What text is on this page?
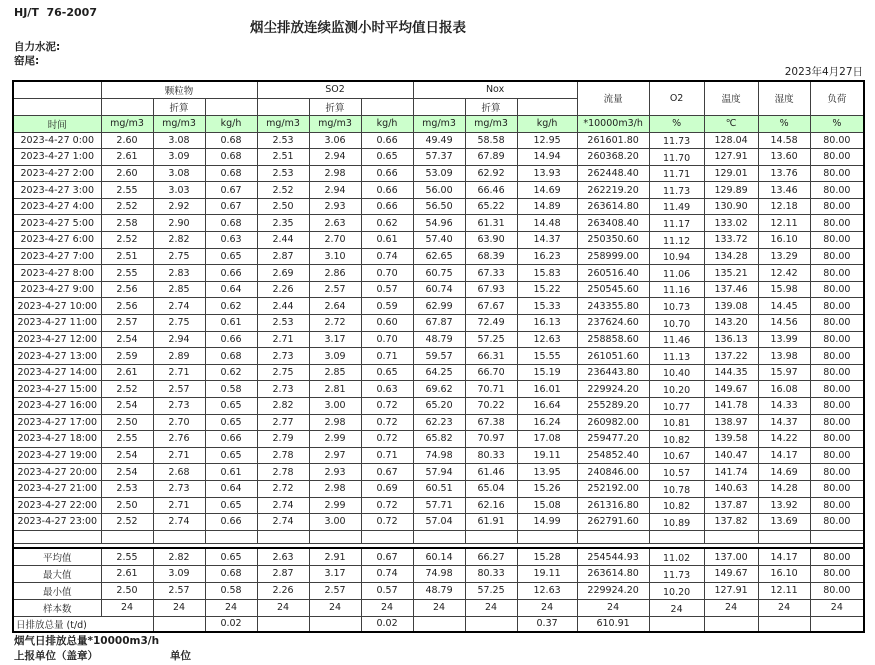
HJ/T  76-2007
烟尘排放连续监测小时平均值日报表
自力水泥:
窑尾:
2023年4月27日
	颗粒物			SO2			Nox			流量	O2	温度	湿度	负荷
		折算			折算			折算						
时间	mg/m3	mg/m3	kg/h	mg/m3	mg/m3	kg/h	mg/m3	mg/m3	kg/h	*10000m3/h	%	℃	%	%
2023-4-27 0:00	2.60	3.08	0.68	2.53	3.06	0.66	49.49	58.58	12.95	261601.80	11.73	128.04	14.58	80.00
2023-4-27 1:00	2.61	3.09	0.68	2.51	2.94	0.65	57.37	67.89	14.94	260368.20	11.70	127.91	13.60	80.00
2023-4-27 2:00	2.60	3.08	0.68	2.53	2.98	0.66	53.09	62.92	13.93	262448.40	11.71	129.01	13.76	80.00
2023-4-27 3:00	2.55	3.03	0.67	2.52	2.94	0.66	56.00	66.46	14.69	262219.20	11.73	129.89	13.46	80.00
2023-4-27 4:00	2.52	2.92	0.67	2.50	2.93	0.66	56.50	65.22	14.89	263614.80	11.49	130.90	12.18	80.00
2023-4-27 5:00	2.58	2.90	0.68	2.35	2.63	0.62	54.96	61.31	14.48	263408.40	11.17	133.02	12.11	80.00
2023-4-27 6:00	2.52	2.82	0.63	2.44	2.70	0.61	57.40	63.90	14.37	250350.60	11.12	133.72	16.10	80.00
2023-4-27 7:00	2.51	2.75	0.65	2.87	3.10	0.74	62.65	68.39	16.23	258999.00	10.94	134.28	13.29	80.00
2023-4-27 8:00	2.55	2.83	0.66	2.69	2.86	0.70	60.75	67.33	15.83	260516.40	11.06	135.21	12.42	80.00
2023-4-27 9:00	2.56	2.85	0.64	2.26	2.57	0.57	60.74	67.93	15.22	250545.60	11.16	137.46	15.98	80.00
2023-4-27 10:00	2.56	2.74	0.62	2.44	2.64	0.59	62.99	67.67	15.33	243355.80	10.73	139.08	14.45	80.00
2023-4-27 11:00	2.57	2.75	0.61	2.53	2.72	0.60	67.87	72.49	16.13	237624.60	10.70	143.20	14.56	80.00
2023-4-27 12:00	2.54	2.94	0.66	2.71	3.17	0.70	48.79	57.25	12.63	258858.60	11.46	136.13	13.99	80.00
2023-4-27 13:00	2.59	2.89	0.68	2.73	3.09	0.71	59.57	66.31	15.55	261051.60	11.13	137.22	13.98	80.00
2023-4-27 14:00	2.61	2.71	0.62	2.75	2.85	0.65	64.25	66.70	15.19	236443.80	10.40	144.35	15.97	80.00
2023-4-27 15:00	2.52	2.57	0.58	2.73	2.81	0.63	69.62	70.71	16.01	229924.20	10.20	149.67	16.08	80.00
2023-4-27 16:00	2.54	2.73	0.65	2.82	3.00	0.72	65.20	70.22	16.64	255289.20	10.77	141.78	14.33	80.00
2023-4-27 17:00	2.50	2.70	0.65	2.77	2.98	0.72	62.23	67.38	16.24	260982.00	10.81	138.97	14.37	80.00
2023-4-27 18:00	2.55	2.76	0.66	2.79	2.99	0.72	65.82	70.97	17.08	259477.20	10.82	139.58	14.22	80.00
2023-4-27 19:00	2.54	2.71	0.65	2.78	2.97	0.71	74.98	80.33	19.11	254852.40	10.67	140.47	14.17	80.00
2023-4-27 20:00	2.54	2.68	0.61	2.78	2.93	0.67	57.94	61.46	13.95	240846.00	10.57	141.74	14.69	80.00
2023-4-27 21:00	2.53	2.73	0.64	2.72	2.98	0.69	60.51	65.04	15.26	252192.00	10.78	140.63	14.28	80.00
2023-4-27 22:00	2.50	2.71	0.65	2.74	2.99	0.72	57.71	62.16	15.08	261316.80	10.82	137.87	13.92	80.00
2023-4-27 23:00	2.52	2.74	0.66	2.74	3.00	0.72	57.04	61.91	14.99	262791.60	10.89	137.82	13.69	80.00

平均值	2.55	2.82	0.65	2.63	2.91	0.67	60.14	66.27	15.28	254544.93	11.02	137.00	14.17	80.00
最大值	2.61	3.09	0.68	2.87	3.17	0.74	74.98	80.33	19.11	263614.80	11.73	149.67	16.10	80.00
最小值	2.50	2.57	0.58	2.26	2.57	0.57	48.79	57.25	12.63	229924.20	10.20	127.91	12.11	80.00
样本数	24	24	24	24	24	24	24	24	24	24	24	24	24	24
日排放总量 (t/d)			0.02			0.02			0.37	610.91				
烟气日排放总量*10000m3/h
上报单位（盖章）	单位
